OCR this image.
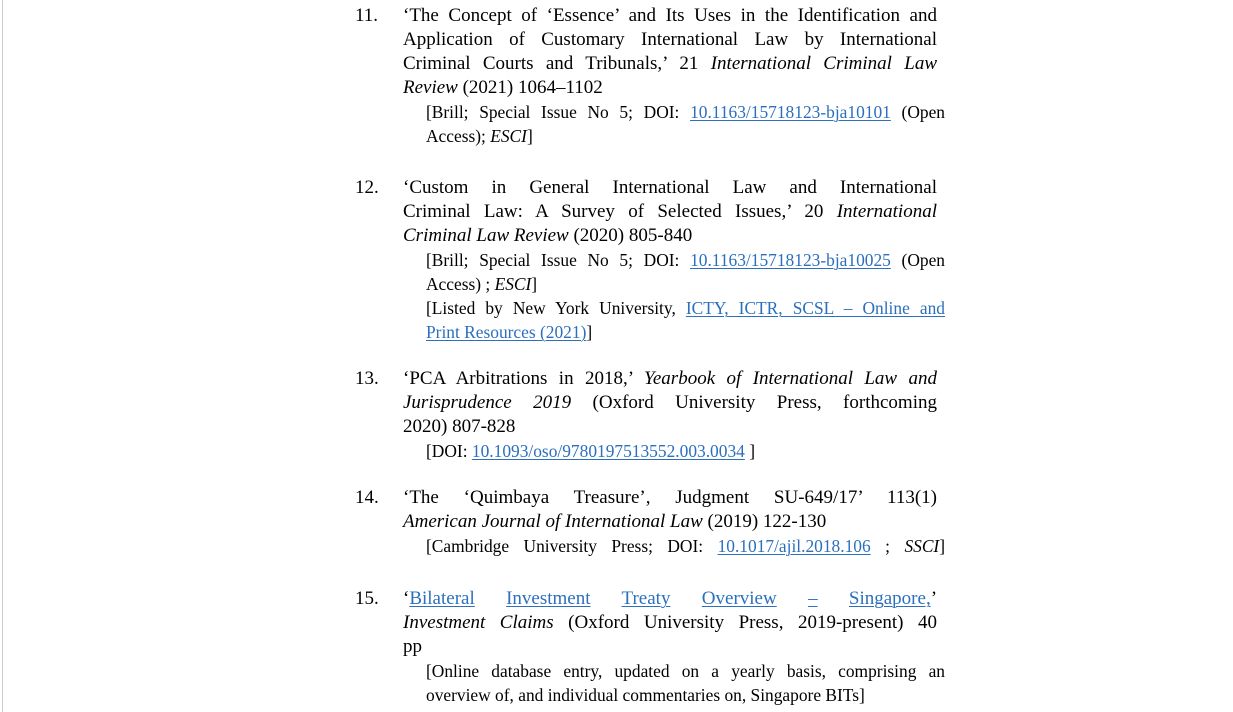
11. ‘The Concept of ‘Essence’ and Its Uses in the Identification and
Application of Customary International Law by International
Criminal Courts and Tribunals,’ 21 International Criminal Law
Review (2021) 1064–1102
[Brill; Special Issue No 5; DOI: 10.1163/15718123-bja10101 (Open
Access); ESCI]
12. ‘Custom in General International Law and International
Criminal Law: A Survey of Selected Issues,’ 20 International
Criminal Law Review (2020) 805-840
[Brill; Special Issue No 5; DOI: 10.1163/15718123-bja10025 (Open
Access) ; ESCI]
[Listed by New York University, ICTY, ICTR, SCSL – Online and
Print Resources (2021)]
13. ‘PCA Arbitrations in 2018,’ Yearbook of International Law and
Jurisprudence 2019 (Oxford University Press, forthcoming
2020) 807-828
[DOI: 10.1093/oso/9780197513552.003.0034 ]
14. ‘The ‘Quimbaya Treasure’, Judgment SU-649/17’ 113(1)
American Journal of International Law (2019) 122-130
[Cambridge University Press; DOI: 10.1017/ajil.2018.106 ; SSCI]
15. ‘Bilateral Investment Treaty Overview – Singapore,’
Investment Claims (Oxford University Press, 2019-present) 40
pp
[Online database entry, updated on a yearly basis, comprising an
overview of, and individual commentaries on, Singapore BITs]
